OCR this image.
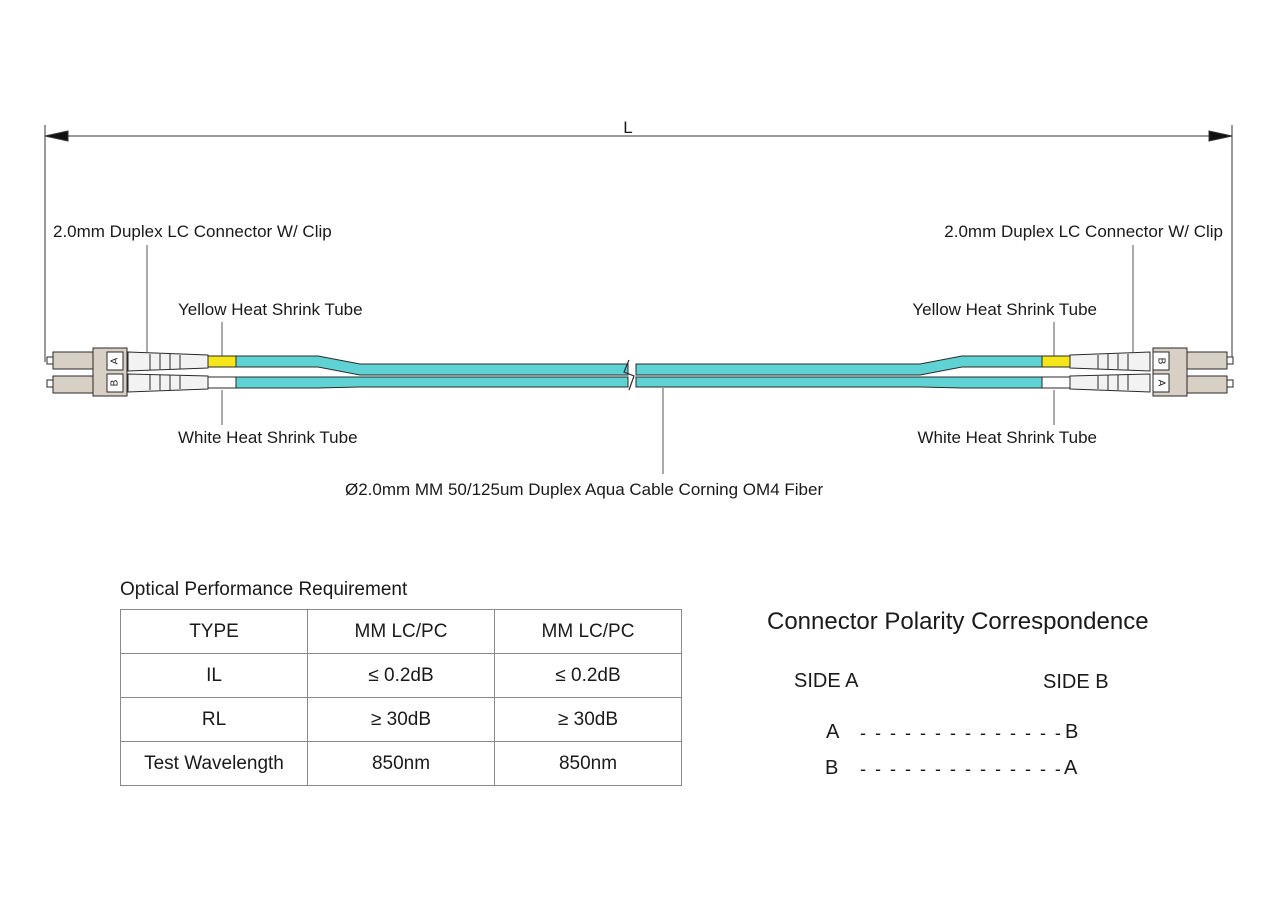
L
A
B
B
A
2.0mm Duplex LC Connector W/ Clip	2.0mm Duplex LC Connector W/ Clip
Yellow Heat Shrink Tube	Yellow Heat Shrink Tube
White Heat Shrink Tube	White Heat Shrink Tube
Ø2.0mm MM 50/125um Duplex Aqua Cable Corning OM4 Fiber
Optical Performance Requirement
TYPE	MM LC/PC	MM LC/PC
IL	≤ 0.2dB	≤ 0.2dB
RL	≥ 30dB	≥ 30dB
Test Wavelength	850nm	850nm
Connector Polarity Correspondence
SIDE A	SIDE B
A - - - - - - - - - - - - - - B
B - - - - - - - - - - - - - - A
